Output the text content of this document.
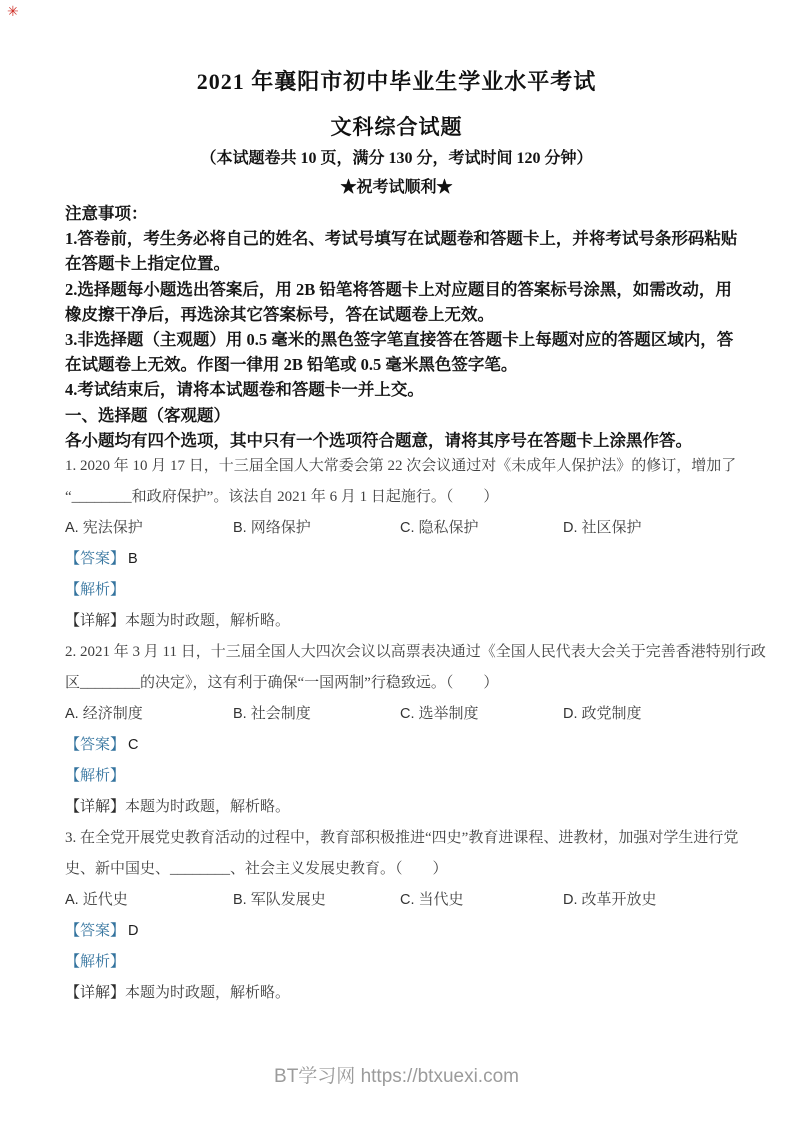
✳
2021 年襄阳市初中毕业生学业水平考试
文科综合试题
（本试题卷共 10 页，满分 130 分，考试时间 120 分钟）
★祝考试顺利★
注意事项：
1.答卷前，考生务必将自己的姓名、考试号填写在试题卷和答题卡上，并将考试号条形码粘贴
在答题卡上指定位置。
2.选择题每小题选出答案后，用 2B 铅笔将答题卡上对应题目的答案标号涂黑，如需改动，用
橡皮擦干净后，再选涂其它答案标号，答在试题卷上无效。
3.非选择题（主观题）用 0.5 毫米的黑色签字笔直接答在答题卡上每题对应的答题区域内，答
在试题卷上无效。作图一律用 2B 铅笔或 0.5 毫米黑色签字笔。
4.考试结束后，请将本试题卷和答题卡一并上交。
一、选择题（客观题）
各小题均有四个选项，其中只有一个选项符合题意，请将其序号在答题卡上涂黑作答。
1. 2020 年 10 月 17 日，十三届全国人大常委会第 22 次会议通过对《未成年人保护法》的修订，增加了
“________和政府保护”。该法自 2021 年 6 月 1 日起施行。（　　）
A. 宪法保护	B. 网络保护	C. 隐私保护	D. 社区保护
【答案】 B
【解析】
【详解】本题为时政题，解析略。
2. 2021 年 3 月 11 日，十三届全国人大四次会议以高票表决通过《全国人民代表大会关于完善香港特别行政
区________的决定》，这有利于确保“一国两制”行稳致远。（　　）
A. 经济制度	B. 社会制度	C. 选举制度	D. 政党制度
【答案】 C
【解析】
【详解】本题为时政题，解析略。
3. 在全党开展党史教育活动的过程中，教育部积极推进“四史”教育进课程、进教材，加强对学生进行党
史、新中国史、________、社会主义发展史教育。（　　）
A. 近代史	B. 军队发展史	C. 当代史	D. 改革开放史
【答案】 D
【解析】
【详解】本题为时政题，解析略。
BT学习网 https://btxuexi.com
